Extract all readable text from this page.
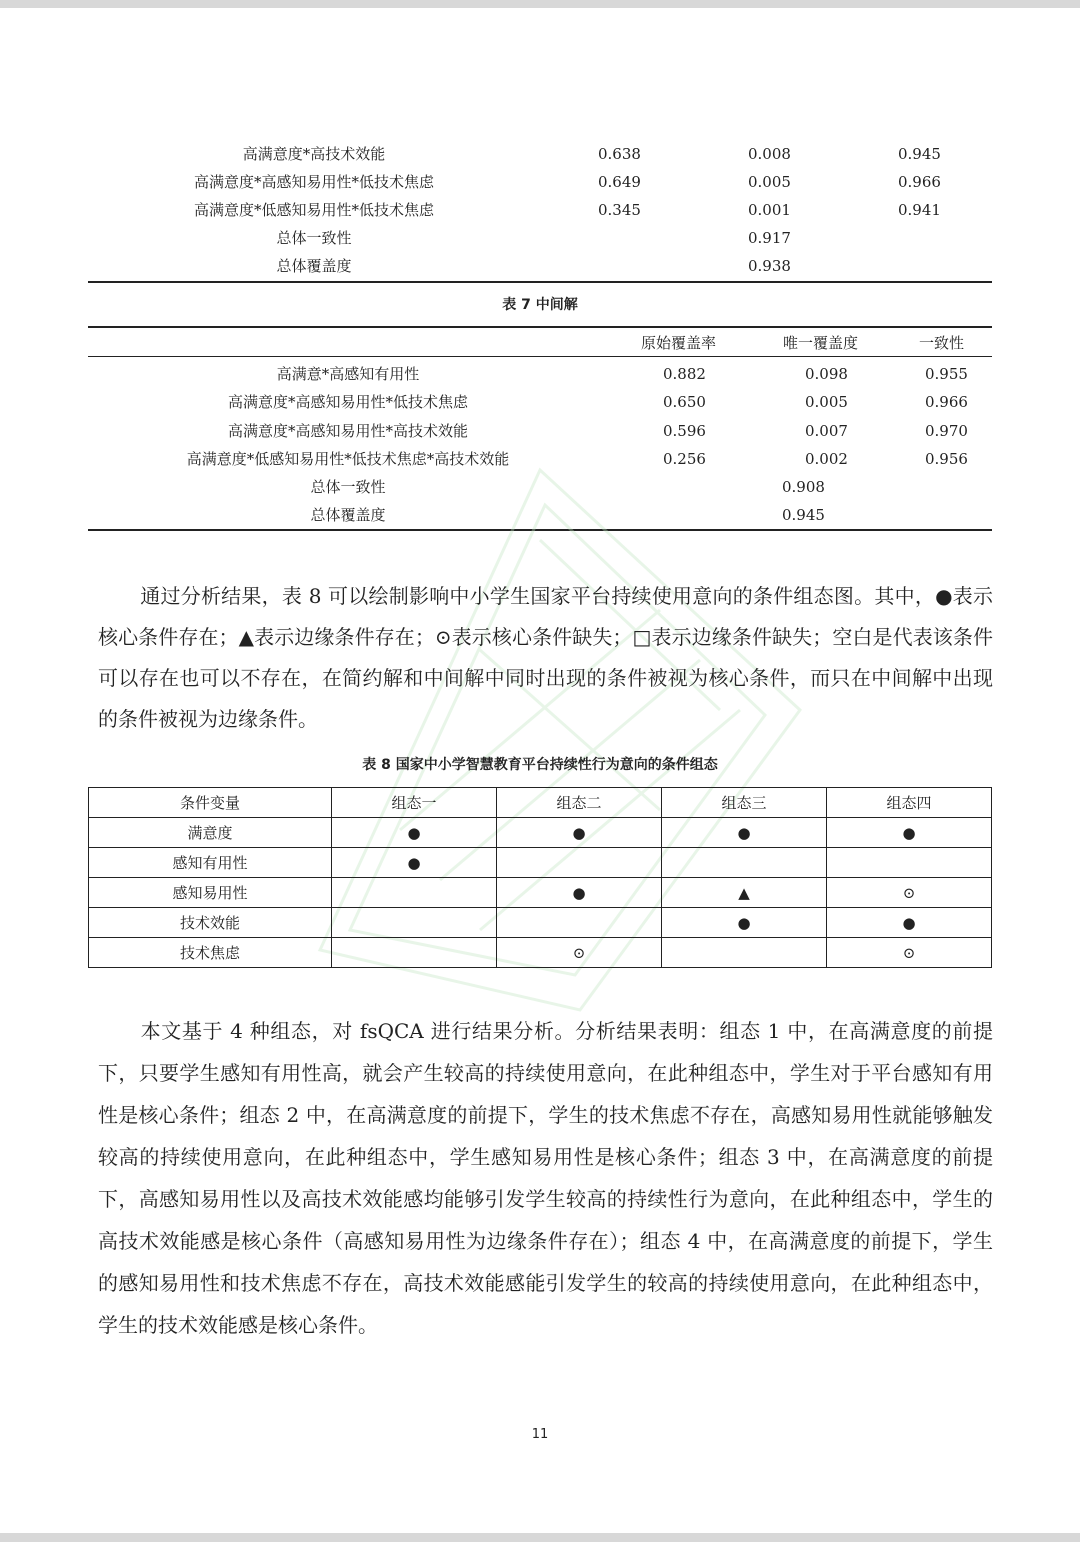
高满意度*高技术效能	0.638	0.008	0.945
高满意度*高感知易用性*低技术焦虑	0.649	0.005	0.966
高满意度*低感知易用性*低技术焦虑	0.345	0.001	0.941
总体一致性	0.917
总体覆盖度	0.938
表 7 中间解
原始覆盖率	唯一覆盖度	一致性
高满意*高感知有用性	0.882	0.098	0.955
高满意度*高感知易用性*低技术焦虑	0.650	0.005	0.966
高满意度*高感知易用性*高技术效能	0.596	0.007	0.970
高满意度*低感知易用性*低技术焦虑*高技术效能	0.256	0.002	0.956
总体一致性	0.908
总体覆盖度	0.945

通过分析结果，表 8 可以绘制影响中小学生国家平台持续使用意向的条件组态图。其中，●表示核心条件存在；▲表示边缘条件存在；⊙表示核心条件缺失；□表示边缘条件缺失；空白是代表该条件可以存在也可以不存在，在简约解和中间解中同时出现的条件被视为核心条件，而只在中间解中出现的条件被视为边缘条件。

表 8 国家中小学智慧教育平台持续性行为意向的条件组态
条件变量	组态一	组态二	组态三	组态四
满意度	●	●	●	●
感知有用性	●			
感知易用性		●	▲	⊙
技术效能			●	●
技术焦虑		⊙		⊙

本文基于 4 种组态，对 fsQCA 进行结果分析。分析结果表明：组态 1 中，在高满意度的前提下，只要学生感知有用性高，就会产生较高的持续使用意向，在此种组态中，学生对于平台感知有用性是核心条件；组态 2 中，在高满意度的前提下，学生的技术焦虑不存在，高感知易用性就能够触发较高的持续使用意向，在此种组态中，学生感知易用性是核心条件；组态 3 中，在高满意度的前提下，高感知易用性以及高技术效能感均能够引发学生较高的持续性行为意向，在此种组态中，学生的高技术效能感是核心条件（高感知易用性为边缘条件存在）；组态 4 中，在高满意度的前提下，学生的感知易用性和技术焦虑不存在，高技术效能感能引发学生的较高的持续使用意向，在此种组态中，学生的技术效能感是核心条件。

11
